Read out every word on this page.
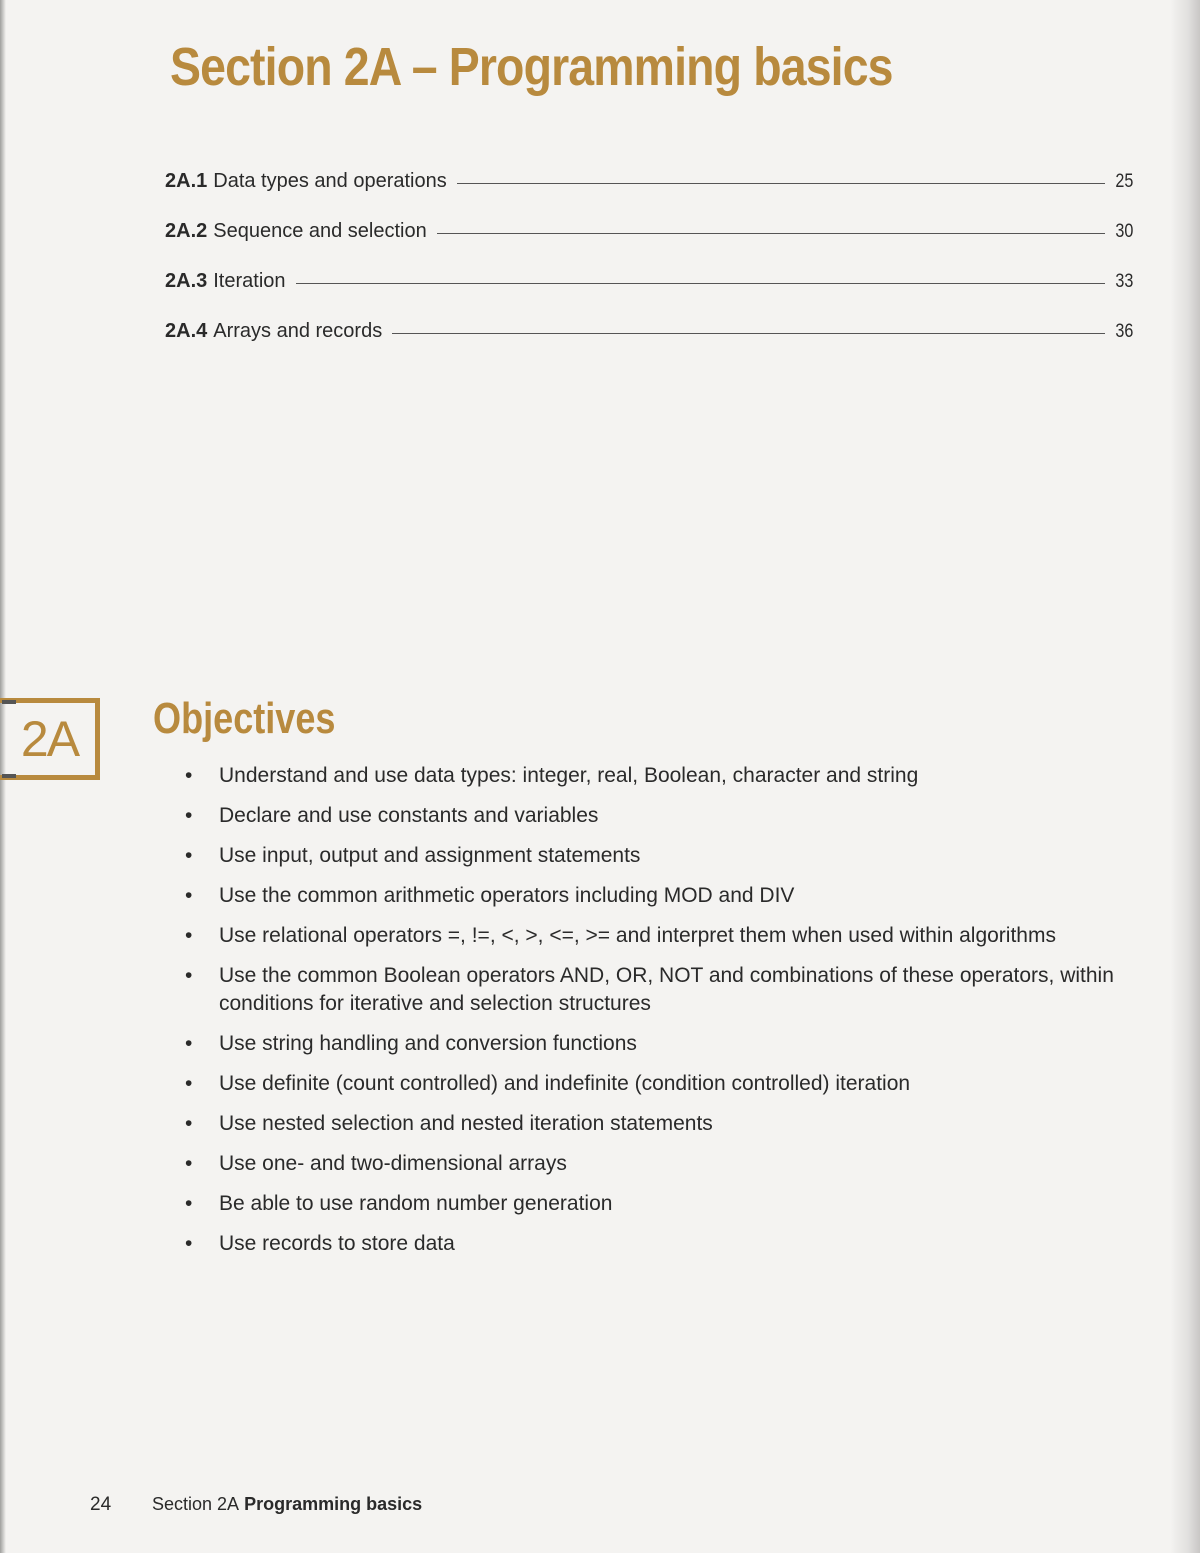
Section 2A – Programming basics
2A.1 Data types and operations	25
2A.2 Sequence and selection	30
2A.3 Iteration	33
2A.4 Arrays and records	36
2A Objectives
• Understand and use data types: integer, real, Boolean, character and string
• Declare and use constants and variables
• Use input, output and assignment statements
• Use the common arithmetic operators including MOD and DIV
• Use relational operators =, !=, <, >, <=, >= and interpret them when used within algorithms
• Use the common Boolean operators AND, OR, NOT and combinations of these operators, within conditions for iterative and selection structures
• Use string handling and conversion functions
• Use definite (count controlled) and indefinite (condition controlled) iteration
• Use nested selection and nested iteration statements
• Use one- and two-dimensional arrays
• Be able to use random number generation
• Use records to store data
24	Section 2A Programming basics
